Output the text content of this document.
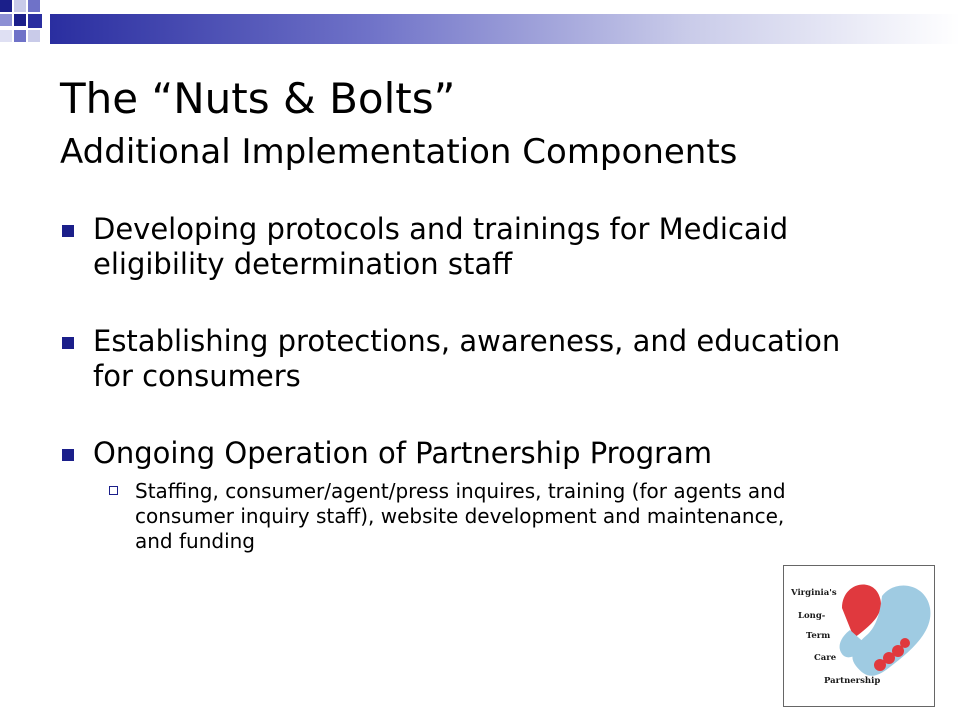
The “Nuts & Bolts”
Additional Implementation Components
Developing protocols and trainings for Medicaid eligibility determination staff
Establishing protections, awareness, and education for consumers
Ongoing Operation of Partnership Program
Staffing, consumer/agent/press inquires, training (for agents and consumer inquiry staff), website development and maintenance, and funding
Virginia's
Long-
Term
Care
Partnership
